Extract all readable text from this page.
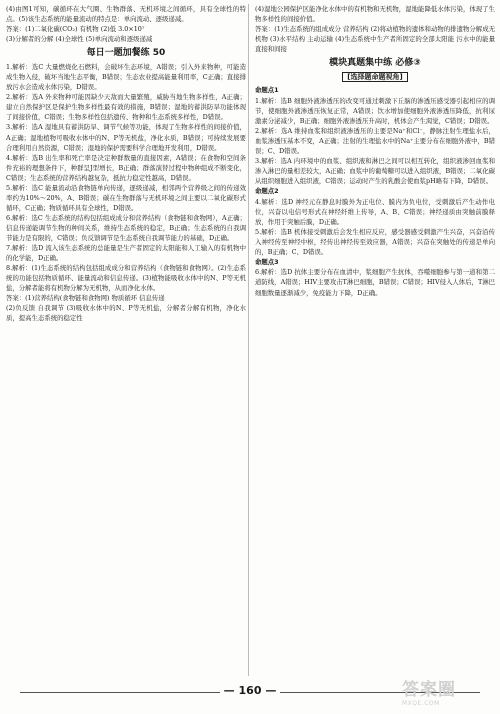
(4)由图1可知，碳循环在大气圈、生物群落、无机环境之间循环，具有全球性的特点。(5)该生态系统的能量流动的特点是：单向流动、逐级递减。

答案：(1)二氧化碳(CO₂) 有机物 (2)低 3.0×10⁷

(3)分解者的分解 (4)全球性 (5)单向流动和逐级递减

每日一题加餐练 50

1.解析：选C 大量燃烧化石燃料，会破坏生态环境，A错误；引入外来物种，可能造成生物入侵，破坏当地生态平衡，B错误；生态农业提高能量利用率，C正确；直接排放污水会造成水体污染，D错误。

2.解析：选A 外来物种可能因缺少天敌而大量繁殖，威胁当地生物多样性，A正确；建立自然保护区是保护生物多样性最有效的措施，B错误；湿地的蓄洪防旱功能体现了间接价值，C错误；生物多样性包括遗传、物种和生态系统多样性，D错误。

3.解析：选A 湿地具有蓄洪防旱、调节气候等功能，体现了生物多样性的间接价值，A正确；湿地植物可吸收水体中的N、P等无机盐，净化水质，B错误；可持续发展要合理利用自然资源，C错误；湿地的保护需要科学合理地开发利用，D错误。

4.解析：选B 出生率和死亡率是决定种群数量的直接因素，A错误；在食物和空间条件充裕的理想条件下，种群呈J型增长，B正确；群落演替过程中物种组成不断变化，C错误；生态系统的营养结构越复杂，抵抗力稳定性越高，D错误。

5.解析：选C 能量流动沿食物链单向传递，逐级递减，相邻两个营养级之间的传递效率约为10%～20%，A、B错误；碳在生物群落与无机环境之间主要以二氧化碳形式循环，C正确；物质循环具有全球性，D错误。

6.解析：选C 生态系统的结构包括组成成分和营养结构（食物链和食物网），A正确；信息传递能调节生物的种间关系，维持生态系统的稳定，B正确；生态系统的自我调节能力是有限的，C错误；负反馈调节是生态系统自我调节能力的基础，D正确。

7.解析：选D 流入该生态系统的总能量是生产者固定的太阳能和人工输入的有机物中的化学能，D正确。

8.解析：(1)生态系统的结构包括组成成分和营养结构（食物链和食物网）。(2)生态系统的功能包括物质循环、能量流动和信息传递。(3)植物能吸收水体中的N、P等无机盐，分解者能将有机物分解为无机物，从而净化水体。

答案：(1)营养结构(食物链和食物网) 物质循环 信息传递

(2)负反馈 自我调节 (3)吸收水体中的N、P等无机盐，分解者分解有机物，净化水质，提高生态系统的稳定性

(4)湿地公园保护区能净化水体中的有机物和无机物，湿地能降低水体污染，体现了生物多样性的间接价值。

答案：(1)生态系统的组成成分 营养结构 (2)将动植物的遗体和动物的排遗物分解成无机物 (3)水平结构 主动运输 (4)生态系统中生产者所固定的全部太阳能 污水中的能量 直接和间接

模块真题集中练 必修③
[选择题命题视角]

命题点1

1.解析：选B 细胞外液渗透压的改变可通过刺激下丘脑的渗透压感受器引起相应的调节，使细胞外液渗透压恢复正常，A错误；饮水增加使细胞外液渗透压降低，抗利尿激素分泌减少，B正确；细胞外液渗透压升高时，机体会产生渴觉，C错误；D错误。

2.解析：选A 维持血浆和组织液渗透压的主要是Na⁺和Cl⁻，静脉注射生理盐水后，血浆渗透压基本不变，A正确；注射的生理盐水中的Na⁺主要分布在细胞外液中，B错误；C、D错误。

3.解析：选A 内环境中的血浆、组织液和淋巴之间可以相互转化，组织液渗回血浆和渗入淋巴的量相差较大，A正确；血浆中的葡萄糖可以进入组织液，B错误；二氧化碳从组织细胞进入组织液，C错误；运动时产生的乳酸会使血浆pH略有下降，D错误。

命题点2

4.解析：选D 神经元在静息时膜外为正电位、膜内为负电位，受刺激后产生动作电位，兴奋以电信号形式在神经纤维上传导，A、B、C错误；神经递质由突触前膜释放，作用于突触后膜，D正确。

5.解析：选B 机体接受刺激后会发生相应反应，感受器感受刺激产生兴奋，兴奋沿传入神经传至神经中枢，经传出神经传至效应器，A错误；兴奋在突触处的传递是单向的，B正确；C、D错误。

命题点3

6.解析：选D 抗体主要分布在血清中，浆细胞产生抗体，吞噬细胞参与第一道和第二道防线，A错误；HIV主要攻击T淋巴细胞，B错误；C错误；HIV侵入人体后，T淋巴细胞数量逐渐减少，免疫能力下降，D正确。

— 160 —	答案圈
MXQE.COM
